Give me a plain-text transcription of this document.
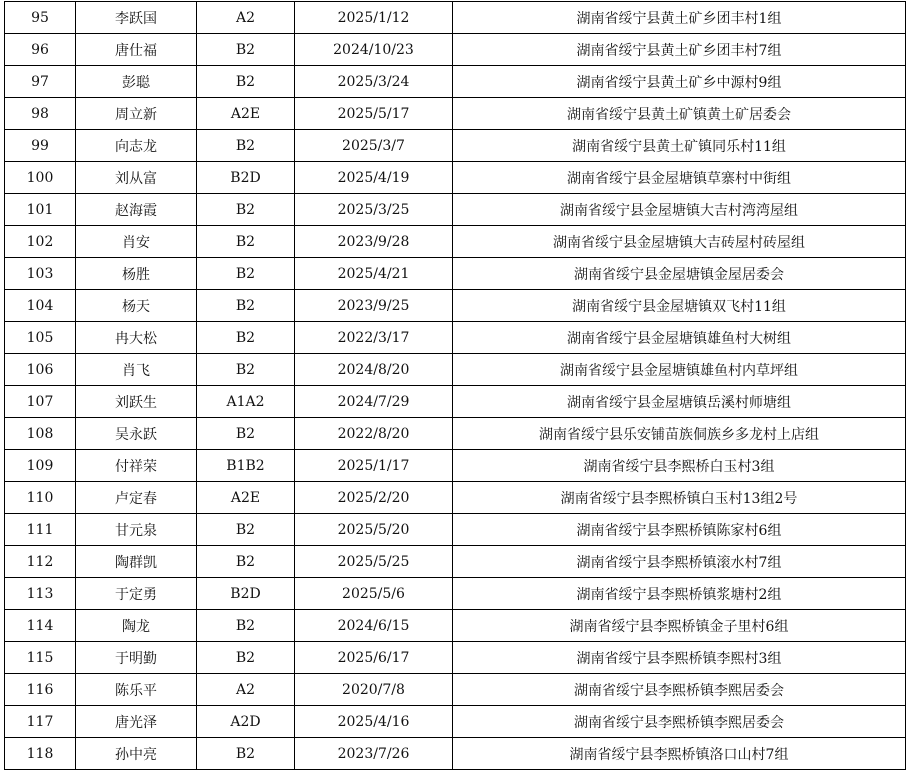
95	李跃国	A2	2025/1/12	湖南省绥宁县黄土矿乡团丰村1组
96	唐仕福	B2	2024/10/23	湖南省绥宁县黄土矿乡团丰村7组
97	彭聪	B2	2025/3/24	湖南省绥宁县黄土矿乡中源村9组
98	周立新	A2E	2025/5/17	湖南省绥宁县黄土矿镇黄土矿居委会
99	向志龙	B2	2025/3/7	湖南省绥宁县黄土矿镇同乐村11组
100	刘从富	B2D	2025/4/19	湖南省绥宁县金屋塘镇草寨村中街组
101	赵海霞	B2	2025/3/25	湖南省绥宁县金屋塘镇大吉村湾湾屋组
102	肖安	B2	2023/9/28	湖南省绥宁县金屋塘镇大吉砖屋村砖屋组
103	杨胜	B2	2025/4/21	湖南省绥宁县金屋塘镇金屋居委会
104	杨天	B2	2023/9/25	湖南省绥宁县金屋塘镇双飞村11组
105	冉大松	B2	2022/3/17	湖南省绥宁县金屋塘镇雄鱼村大树组
106	肖飞	B2	2024/8/20	湖南省绥宁县金屋塘镇雄鱼村内草坪组
107	刘跃生	A1A2	2024/7/29	湖南省绥宁县金屋塘镇岳溪村师塘组
108	吴永跃	B2	2022/8/20	湖南省绥宁县乐安铺苗族侗族乡多龙村上店组
109	付祥荣	B1B2	2025/1/17	湖南省绥宁县李熙桥白玉村3组
110	卢定春	A2E	2025/2/20	湖南省绥宁县李熙桥镇白玉村13组2号
111	甘元泉	B2	2025/5/20	湖南省绥宁县李熙桥镇陈家村6组
112	陶群凯	B2	2025/5/25	湖南省绥宁县李熙桥镇滚水村7组
113	于定勇	B2D	2025/5/6	湖南省绥宁县李熙桥镇浆塘村2组
114	陶龙	B2	2024/6/15	湖南省绥宁县李熙桥镇金子里村6组
115	于明勤	B2	2025/6/17	湖南省绥宁县李熙桥镇李熙村3组
116	陈乐平	A2	2020/7/8	湖南省绥宁县李熙桥镇李熙居委会
117	唐光泽	A2D	2025/4/16	湖南省绥宁县李熙桥镇李熙居委会
118	孙中亮	B2	2023/7/26	湖南省绥宁县李熙桥镇洛口山村7组
